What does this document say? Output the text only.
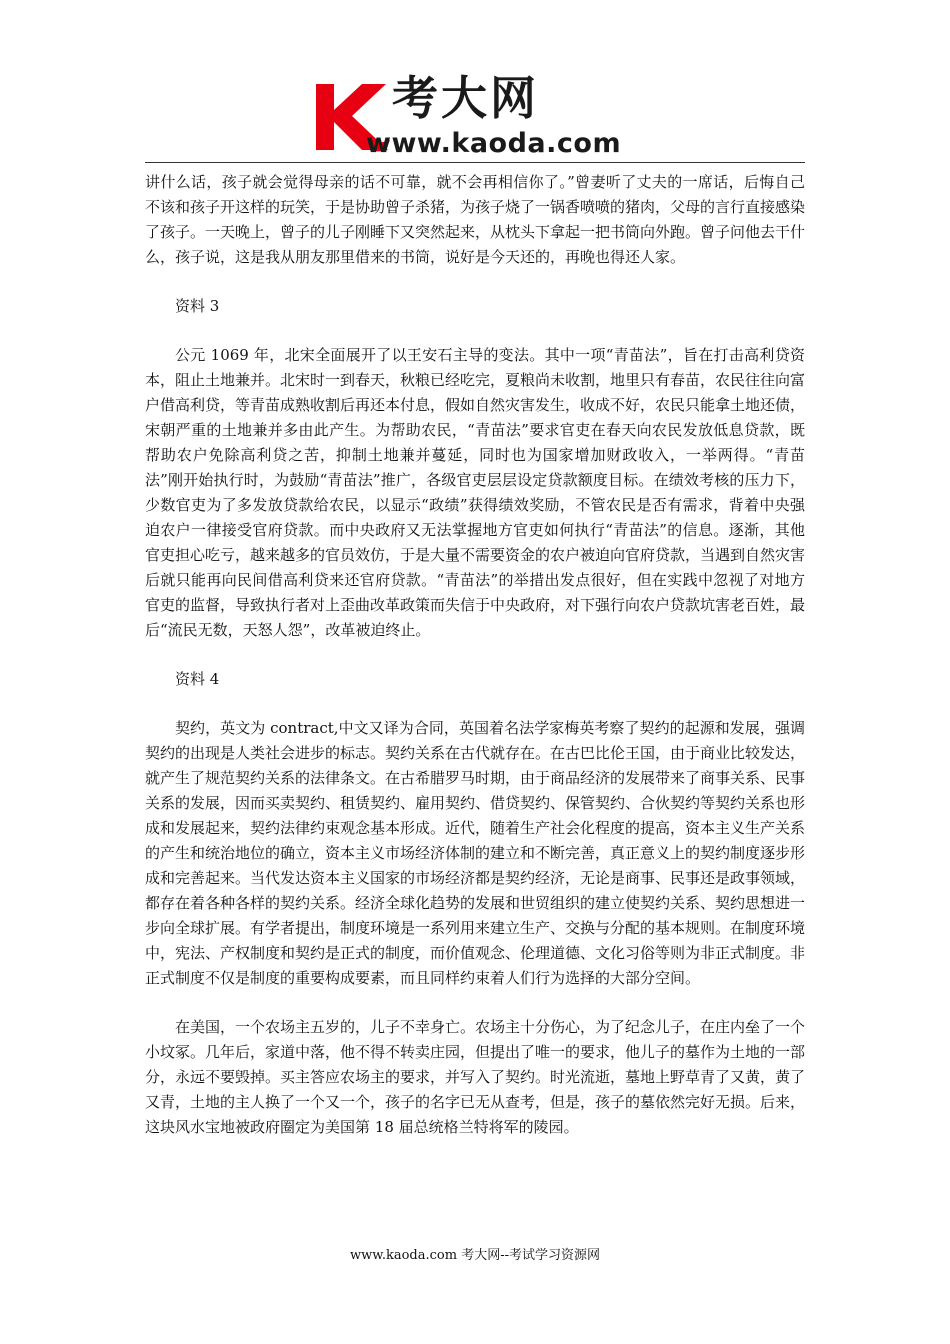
考大网
www.kaoda.com

讲什么话，孩子就会觉得母亲的话不可靠，就不会再相信你了。”曾妻听了丈夫的一席话，后悔自己不该和孩子开这样的玩笑，于是协助曾子杀猪，为孩子烧了一锅香喷喷的猪肉，父母的言行直接感染了孩子。一天晚上，曾子的儿子刚睡下又突然起来，从枕头下拿起一把书筒向外跑。曾子问他去干什么，孩子说，这是我从朋友那里借来的书筒，说好是今天还的，再晚也得还人家。

资料 3

公元 1069 年，北宋全面展开了以王安石主导的变法。其中一项“青苗法”，旨在打击高利贷资本，阻止土地兼并。北宋时一到春天，秋粮已经吃完，夏粮尚未收割，地里只有春苗，农民往往向富户借高利贷，等青苗成熟收割后再还本付息，假如自然灾害发生，收成不好，农民只能拿土地还债，宋朝严重的土地兼并多由此产生。为帮助农民，“青苗法”要求官吏在春天向农民发放低息贷款，既帮助农户免除高利贷之苦，抑制土地兼并蔓延，同时也为国家增加财政收入，一举两得。“青苗法”刚开始执行时，为鼓励“青苗法”推广，各级官吏层层设定贷款额度目标。在绩效考核的压力下，少数官吏为了多发放贷款给农民，以显示“政绩”获得绩效奖励，不管农民是否有需求，背着中央强迫农户一律接受官府贷款。而中央政府又无法掌握地方官吏如何执行“青苗法”的信息。逐渐，其他官吏担心吃亏，越来越多的官员效仿，于是大量不需要资金的农户被迫向官府贷款，当遇到自然灾害后就只能再向民间借高利贷来还官府贷款。“青苗法”的举措出发点很好，但在实践中忽视了对地方官吏的监督，导致执行者对上歪曲改革政策而失信于中央政府，对下强行向农户贷款坑害老百姓，最后“流民无数，天怒人怨”，改革被迫终止。

资料 4

契约，英文为 contract,中文又译为合同，英国着名法学家梅英考察了契约的起源和发展，强调契约的出现是人类社会进步的标志。契约关系在古代就存在。在古巴比伦王国，由于商业比较发达，就产生了规范契约关系的法律条文。在古希腊罗马时期，由于商品经济的发展带来了商事关系、民事关系的发展，因而买卖契约、租赁契约、雇用契约、借贷契约、保管契约、合伙契约等契约关系也形成和发展起来，契约法律约束观念基本形成。近代，随着生产社会化程度的提高，资本主义生产关系的产生和统治地位的确立，资本主义市场经济体制的建立和不断完善，真正意义上的契约制度逐步形成和完善起来。当代发达资本主义国家的市场经济都是契约经济，无论是商事、民事还是政事领域，都存在着各种各样的契约关系。经济全球化趋势的发展和世贸组织的建立使契约关系、契约思想进一步向全球扩展。有学者提出，制度环境是一系列用来建立生产、交换与分配的基本规则。在制度环境中，宪法、产权制度和契约是正式的制度，而价值观念、伦理道德、文化习俗等则为非正式制度。非正式制度不仅是制度的重要构成要素，而且同样约束着人们行为选择的大部分空间。

在美国，一个农场主五岁的，儿子不幸身亡。农场主十分伤心，为了纪念儿子，在庄内垒了一个小坟冢。几年后，家道中落，他不得不转卖庄园，但提出了唯一的要求，他儿子的墓作为土地的一部分，永远不要毁掉。买主答应农场主的要求，并写入了契约。时光流逝，墓地上野草青了又黄，黄了又青，土地的主人换了一个又一个，孩子的名字已无从查考，但是，孩子的墓依然完好无损。后来，这块风水宝地被政府圈定为美国第 18 届总统格兰特将军的陵园。

www.kaoda.com 考大网--考试学习资源网
